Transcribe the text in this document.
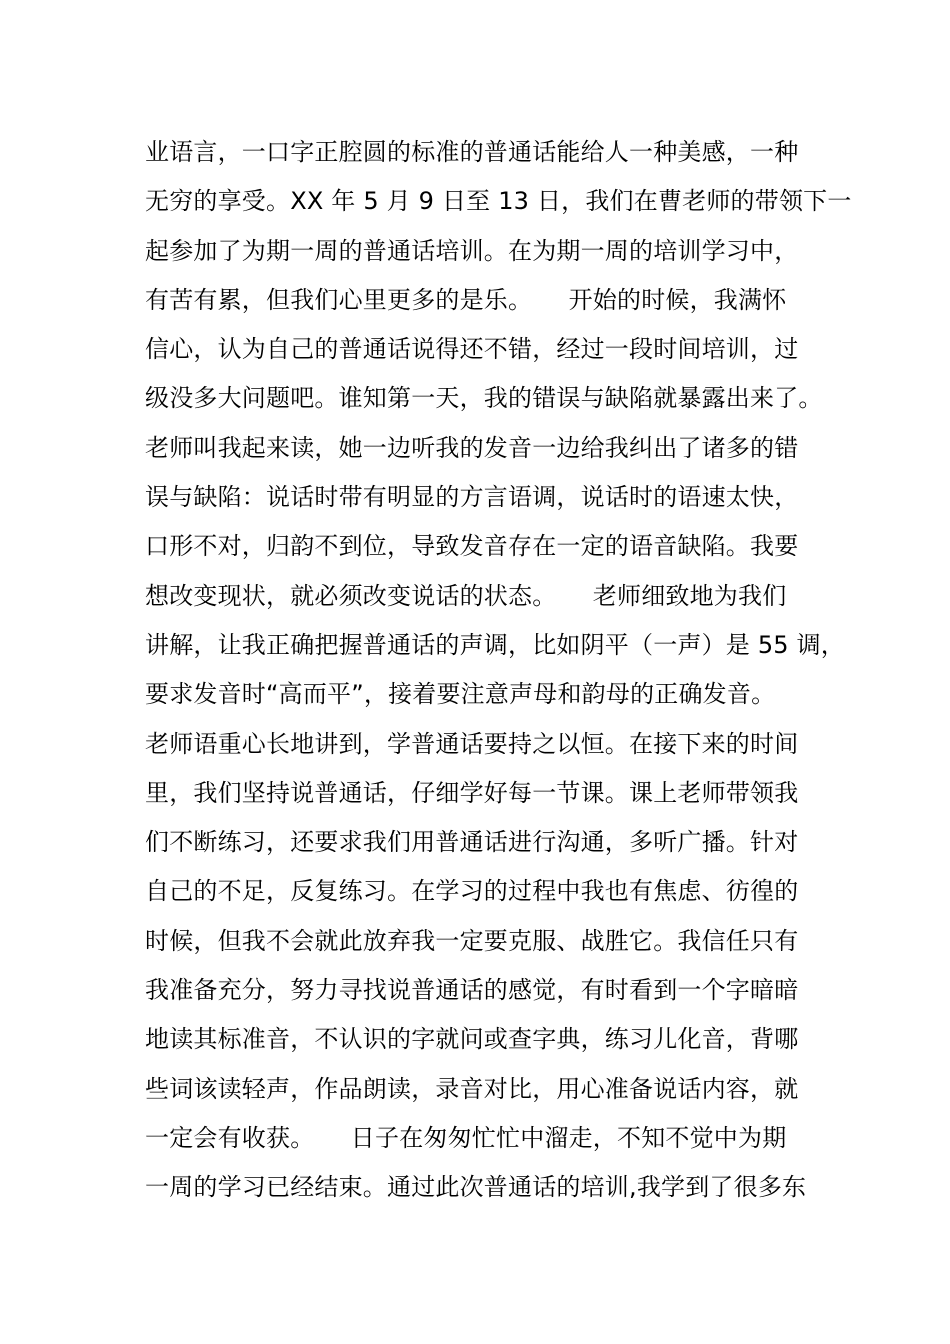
业语言，一口字正腔圆的标准的普通话能给人一种美感，一种
无穷的享受。XX 年 5 月 9 日至 13 日，我们在曹老师的带领下一
起参加了为期一周的普通话培训。在为期一周的培训学习中，
有苦有累，但我们心里更多的是乐。　　开始的时候，我满怀
信心，认为自己的普通话说得还不错，经过一段时间培训，过
级没多大问题吧。谁知第一天，我的错误与缺陷就暴露出来了。
老师叫我起来读，她一边听我的发音一边给我纠出了诸多的错
误与缺陷：说话时带有明显的方言语调，说话时的语速太快，
口形不对，归韵不到位，导致发音存在一定的语音缺陷。我要
想改变现状，就必须改变说话的状态。　　老师细致地为我们
讲解，让我正确把握普通话的声调，比如阴平（一声）是 55 调，
要求发音时“高而平”，接着要注意声母和韵母的正确发音。
老师语重心长地讲到，学普通话要持之以恒。在接下来的时间
里，我们坚持说普通话，仔细学好每一节课。课上老师带领我
们不断练习，还要求我们用普通话进行沟通，多听广播。针对
自己的不足，反复练习。在学习的过程中我也有焦虑、彷徨的
时候，但我不会就此放弃我一定要克服、战胜它。我信任只有
我准备充分，努力寻找说普通话的感觉，有时看到一个字暗暗
地读其标准音，不认识的字就问或查字典，练习儿化音，背哪
些词该读轻声，作品朗读，录音对比，用心准备说话内容，就
一定会有收获。　　日子在匆匆忙忙中溜走，不知不觉中为期
一周的学习已经结束。通过此次普通话的培训,我学到了很多东
